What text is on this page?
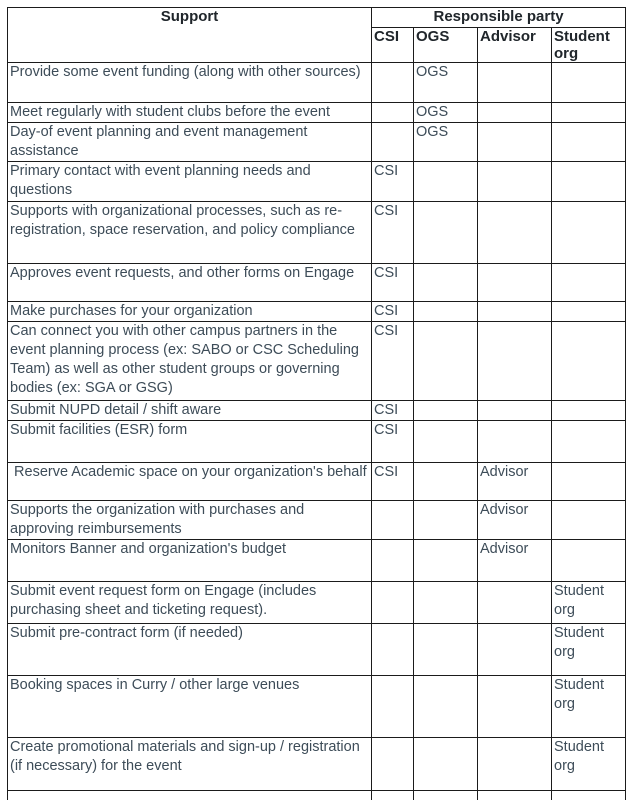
Support	Responsible party			
	CSI	OGS	Advisor	Student org
Provide some event funding (along with other sources)		OGS		
Meet regularly with student clubs before the event		OGS		
Day-of event planning and event management assistance		OGS		
Primary contact with event planning needs and questions	CSI			
Supports with organizational processes, such as re-registration, space reservation, and policy compliance	CSI			
Approves event requests, and other forms on Engage	CSI			
Make purchases for your organization	CSI			
Can connect you with other campus partners in the event planning process (ex: SABO or CSC Scheduling Team) as well as other student groups or governing bodies (ex: SGA or GSG)	CSI			
Submit NUPD detail / shift aware	CSI			
Submit facilities (ESR) form	CSI			
Reserve Academic space on your organization's behalf	CSI		Advisor	
Supports the organization with purchases and approving reimbursements			Advisor	
Monitors Banner and organization's budget			Advisor	
Submit event request form on Engage (includes purchasing sheet and ticketing request).				Student org
Submit pre-contract form (if needed)				Student org
Booking spaces in Curry / other large venues				Student org
Create promotional materials and sign-up / registration (if necessary) for the event				Student org
